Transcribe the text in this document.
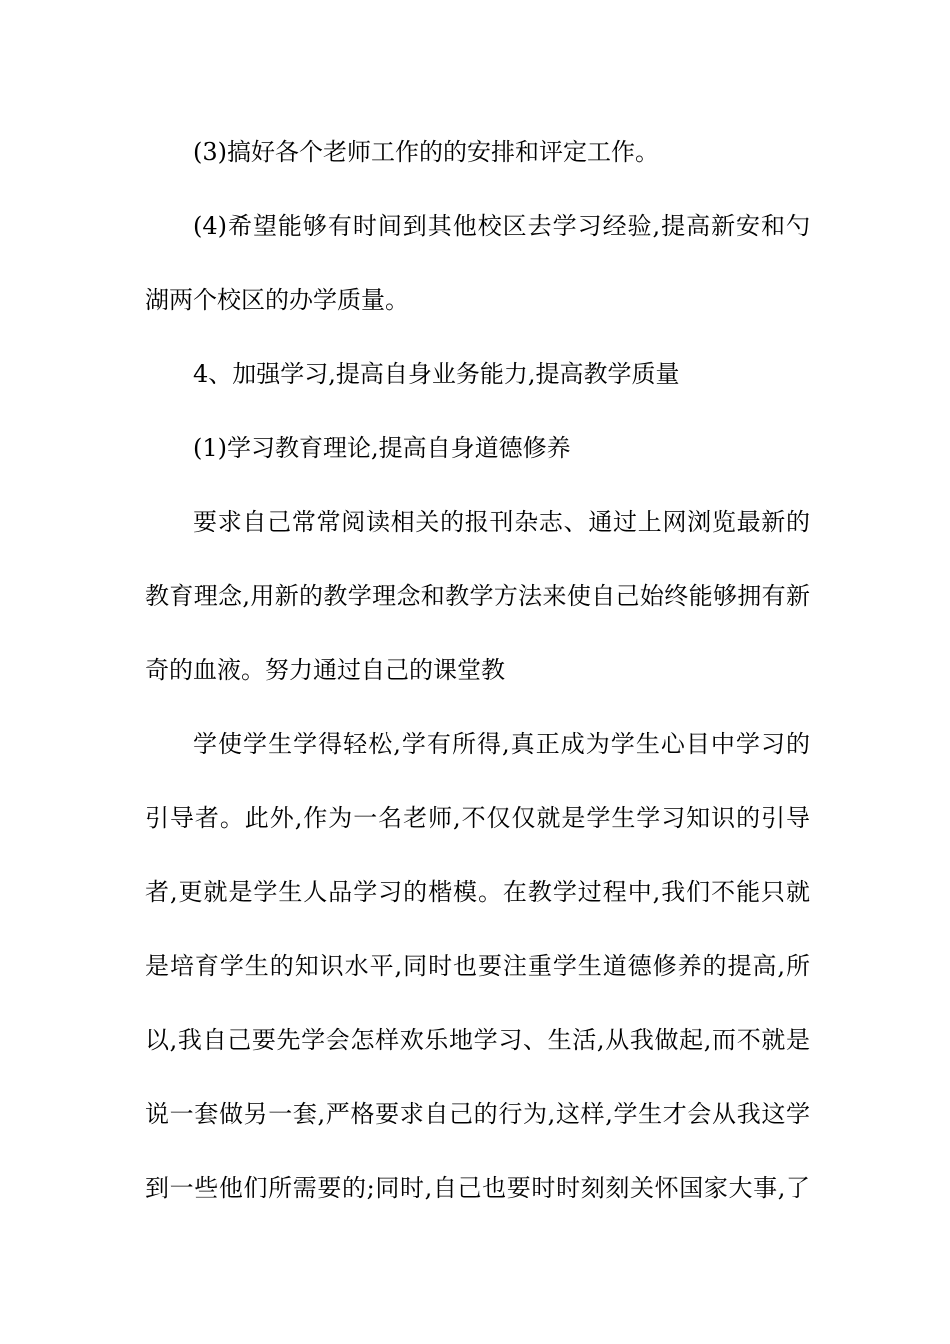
(3)搞好各个老师工作的的安排和评定工作。
(4)希望能够有时间到其他校区去学习经验,提高新安和勺
湖两个校区的办学质量。
4、加强学习,提高自身业务能力,提高教学质量
(1)学习教育理论,提高自身道德修养
要求自己常常阅读相关的报刊杂志、通过上网浏览最新的
教育理念,用新的教学理念和教学方法来使自己始终能够拥有新
奇的血液。努力通过自己的课堂教
学使学生学得轻松,学有所得,真正成为学生心目中学习的
引导者。此外,作为一名老师,不仅仅就是学生学习知识的引导
者,更就是学生人品学习的楷模。在教学过程中,我们不能只就
是培育学生的知识水平,同时也要注重学生道德修养的提高,所
以,我自己要先学会怎样欢乐地学习、生活,从我做起,而不就是
说一套做另一套,严格要求自己的行为,这样,学生才会从我这学
到一些他们所需要的;同时,自己也要时时刻刻关怀国家大事,了
